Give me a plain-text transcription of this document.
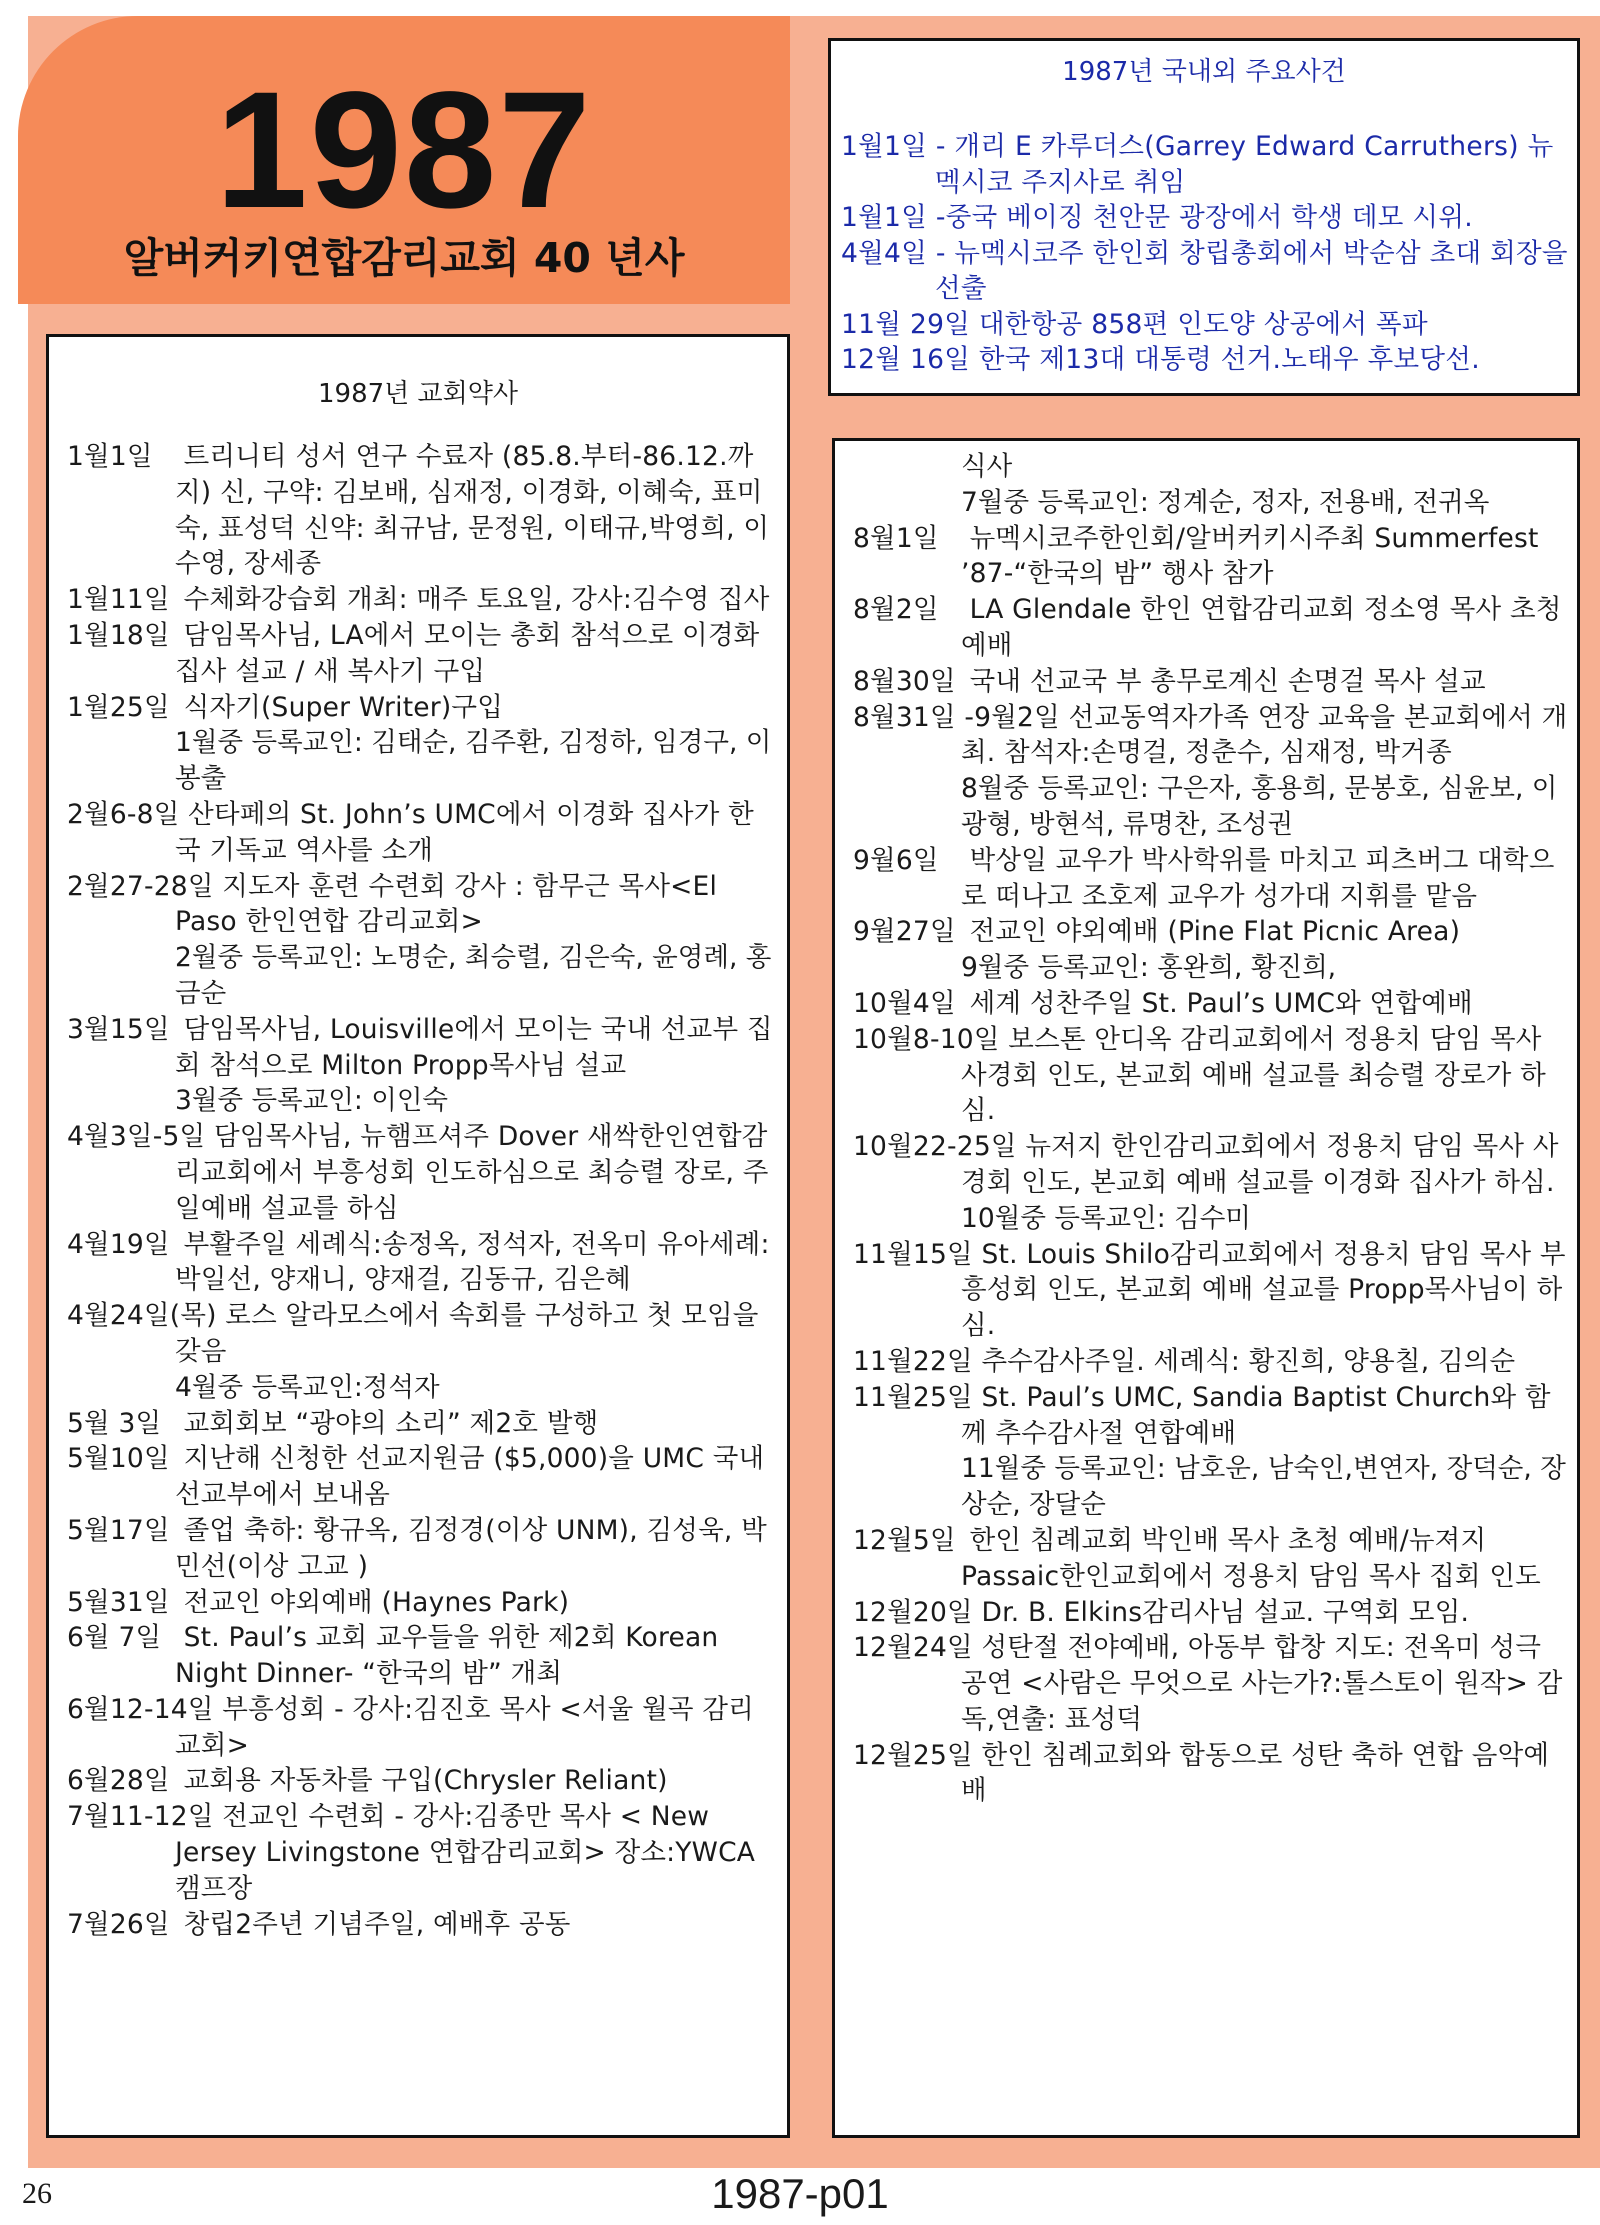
1987
알버커키연합감리교회 40 년사

1987년 국내외 주요사건

1월1일 - 개리 E 카루더스(Garrey Edward Carruthers) 뉴멕시코 주지사로 취임
1월1일 -중국 베이징 천안문 광장에서 학생 데모 시위.
4월4일 - 뉴멕시코주 한인회 창립총회에서 박순삼 초대 회장을 선출
11월 29일 대한항공 858편 인도양 상공에서 폭파
12월 16일 한국 제13대 대통령 선거.노태우 후보당선.

1987년 교회약사

1월1일 트리니티 성서 연구 수료자 (85.8.부터-86.12.까지) 신, 구약: 김보배, 심재정, 이경화, 이혜숙, 표미숙, 표성덕 신약: 최규남, 문정원, 이태규,박영희, 이수영, 장세종
1월11일 수체화강습회 개최: 매주 토요일, 강사:김수영 집사
1월18일 담임목사님, LA에서 모이는 총회 참석으로 이경화 집사 설교 / 새 복사기 구입
1월25일 식자기(Super Writer)구입
1월중 등록교인: 김태순, 김주환, 김정하, 임경구, 이봉출
2월6-8일 산타페의 St. John’s UMC에서 이경화 집사가 한국 기독교 역사를 소개
2월27-28일 지도자 훈련 수련회 강사 : 함무근 목사<El Paso 한인연합 감리교회>
2월중 등록교인: 노명순, 최승렬, 김은숙, 윤영례, 홍금순
3월15일 담임목사님, Louisville에서 모이는 국내 선교부 집회 참석으로 Milton Propp목사님 설교
3월중 등록교인: 이인숙
4월3일-5일 담임목사님, 뉴햄프셔주 Dover 새싹한인연합감리교회에서 부흥성회 인도하심으로 최승렬 장로, 주일예배 설교를 하심
4월19일 부활주일 세례식:송정옥, 정석자, 전옥미 유아세례: 박일선, 양재니, 양재걸, 김동규, 김은혜
4월24일(목) 로스 알라모스에서 속회를 구성하고 첫 모임을 갖음
4월중 등록교인:정석자
5월 3일 교회회보 “광야의 소리” 제2호 발행
5월10일 지난해 신청한 선교지원금 ($5,000)을 UMC 국내 선교부에서 보내옴
5월17일 졸업 축하: 황규옥, 김정경(이상 UNM), 김성욱, 박민선(이상 고교 )
5월31일 전교인 야외예배 (Haynes Park)
6월 7일 St. Paul’s 교회 교우들을 위한 제2회 Korean Night Dinner- “한국의 밤” 개최
6월12-14일 부흥성회 - 강사:김진호 목사 <서울 월곡 감리교회>
6월28일 교회용 자동차를 구입(Chrysler Reliant)
7월11-12일 전교인 수련회 - 강사:김종만 목사 < New Jersey Livingstone 연합감리교회> 장소:YWCA 캠프장
7월26일 창립2주년 기념주일, 예배후 공동
식사
7월중 등록교인: 정계순, 정자, 전용배, 전귀옥
8월1일 뉴멕시코주한인회/알버커키시주최 Summerfest ’87-“한국의 밤” 행사 참가
8월2일 LA Glendale 한인 연합감리교회 정소영 목사 초청 예배
8월30일 국내 선교국 부 총무로계신 손명걸 목사 설교
8월31일 -9월2일 선교동역자가족 연장 교육을 본교회에서 개최. 참석자:손명걸, 정춘수, 심재정, 박거종
8월중 등록교인: 구은자, 홍용희, 문봉호, 심윤보, 이광형, 방현석, 류명찬, 조성권
9월6일 박상일 교우가 박사학위를 마치고 피츠버그 대학으로 떠나고 조호제 교우가 성가대 지휘를 맡음
9월27일 전교인 야외예배 (Pine Flat Picnic Area)
9월중 등록교인: 홍완희, 황진희,
10월4일 세계 성찬주일 St. Paul’s UMC와 연합예배
10월8-10일 보스톤 안디옥 감리교회에서 정용치 담임 목사 사경회 인도, 본교회 예배 설교를 최승렬 장로가 하심.
10월22-25일 뉴저지 한인감리교회에서 정용치 담임 목사 사경회 인도, 본교회 예배 설교를 이경화 집사가 하심.
10월중 등록교인: 김수미
11월15일 St. Louis Shilo감리교회에서 정용치 담임 목사 부흥성회 인도, 본교회 예배 설교를 Propp목사님이 하심.
11월22일 추수감사주일. 세례식: 황진희, 양용칠, 김의순
11월25일 St. Paul’s UMC, Sandia Baptist Church와 함께 추수감사절 연합예배
11월중 등록교인: 남호운, 남숙인,변연자, 장덕순, 장상순, 장달순
12월5일 한인 침례교회 박인배 목사 초청 예배/뉴져지 Passaic한인교회에서 정용치 담임 목사 집회 인도
12월20일 Dr. B. Elkins감리사님 설교. 구역회 모임.
12월24일 성탄절 전야예배, 아동부 합창 지도: 전옥미 성극 공연 <사람은 무엇으로 사는가?:톨스토이 원작> 감독,연출: 표성덕
12월25일 한인 침례교회와 합동으로 성탄 축하 연합 음악예배
26	1987-p01
